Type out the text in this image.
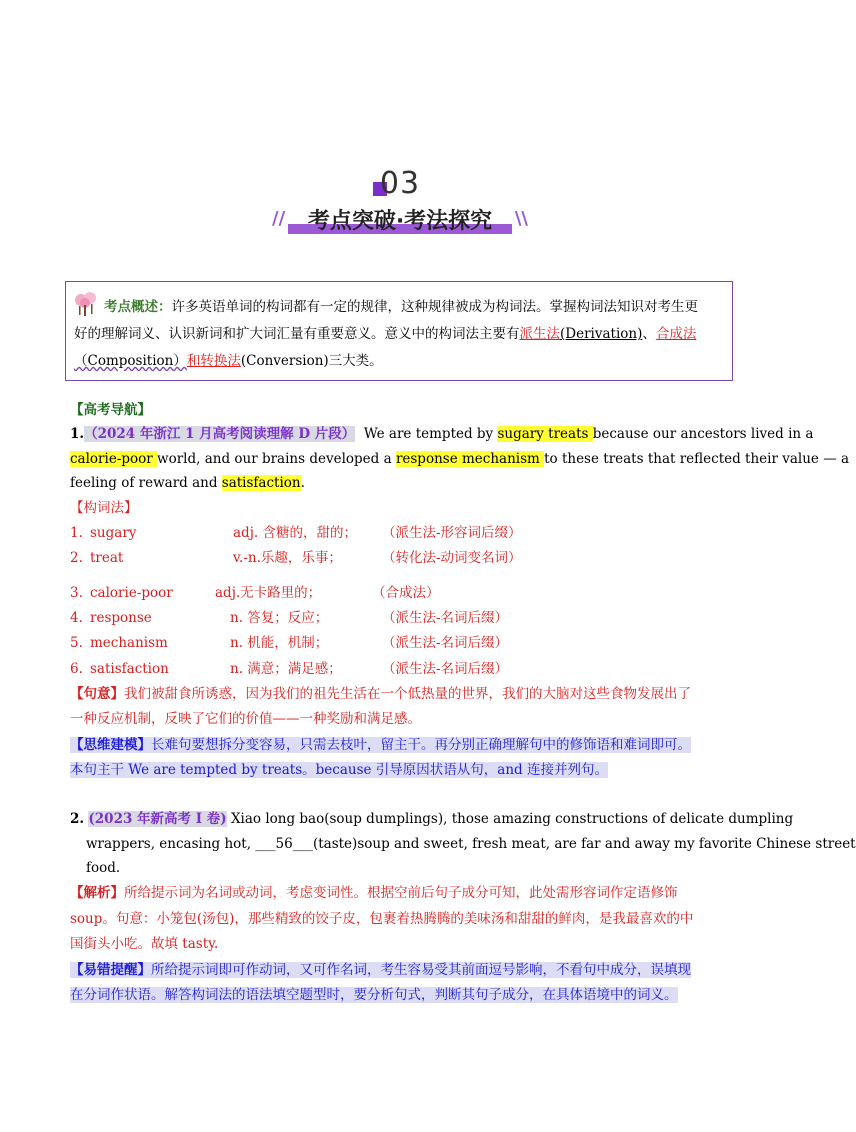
03
//	考点突破·考法探究	\\
考点概述：许多英语单词的构词都有一定的规律，这种规律被成为构词法。掌握构词法知识对考生更
好的理解词义、认识新词和扩大词汇量有重要意义。意义中的构词法主要有派生法(Derivation)、合成法
（Composition）和转换法(Conversion)三大类。
【高考导航】
1.（2024 年浙江 1 月高考阅读理解 D 片段） We are tempted by sugary treats because our ancestors lived in a
calorie-poor world, and our brains developed a response mechanism to these treats that reflected their value — a
feeling of reward and satisfaction.
【构词法】
1. sugary	adj. 含糖的，甜的； （派生法-形容词后缀）
2. treat	v.-n.乐趣，乐事；	（转化法-动词变名词）
3. calorie-poor	adj.无卡路里的；	（合成法）
4. response	n. 答复；反应；	（派生法-名词后缀）
5. mechanism	n. 机能，机制；	（派生法-名词后缀）
6. satisfaction	n. 满意；满足感；	（派生法-名词后缀）
【句意】我们被甜食所诱惑，因为我们的祖先生活在一个低热量的世界，我们的大脑对这些食物发展出了
一种反应机制，反映了它们的价值——一种奖励和满足感。
【思维建模】长难句要想拆分变容易，只需去枝叶，留主干。再分别正确理解句中的修饰语和难词即可。
本句主干 We are tempted by treats。because 引导原因状语从句，and 连接并列句。
2. (2023 年新高考 I 卷) Xiao long bao(soup dumplings), those amazing constructions of delicate dumpling
wrappers, encasing hot, ___56___(taste)soup and sweet, fresh meat, are far and away my favorite Chinese street
food.
【解析】所给提示词为名词或动词，考虑变词性。根据空前后句子成分可知，此处需形容词作定语修饰
soup。句意：小笼包(汤包)，那些精致的饺子皮，包裹着热腾腾的美味汤和甜甜的鲜肉，是我最喜欢的中
国街头小吃。故填 tasty.
【易错提醒】所给提示词即可作动词，又可作名词，考生容易受其前面逗号影响，不看句中成分，误填现
在分词作状语。解答构词法的语法填空题型时，要分析句式，判断其句子成分，在具体语境中的词义。
